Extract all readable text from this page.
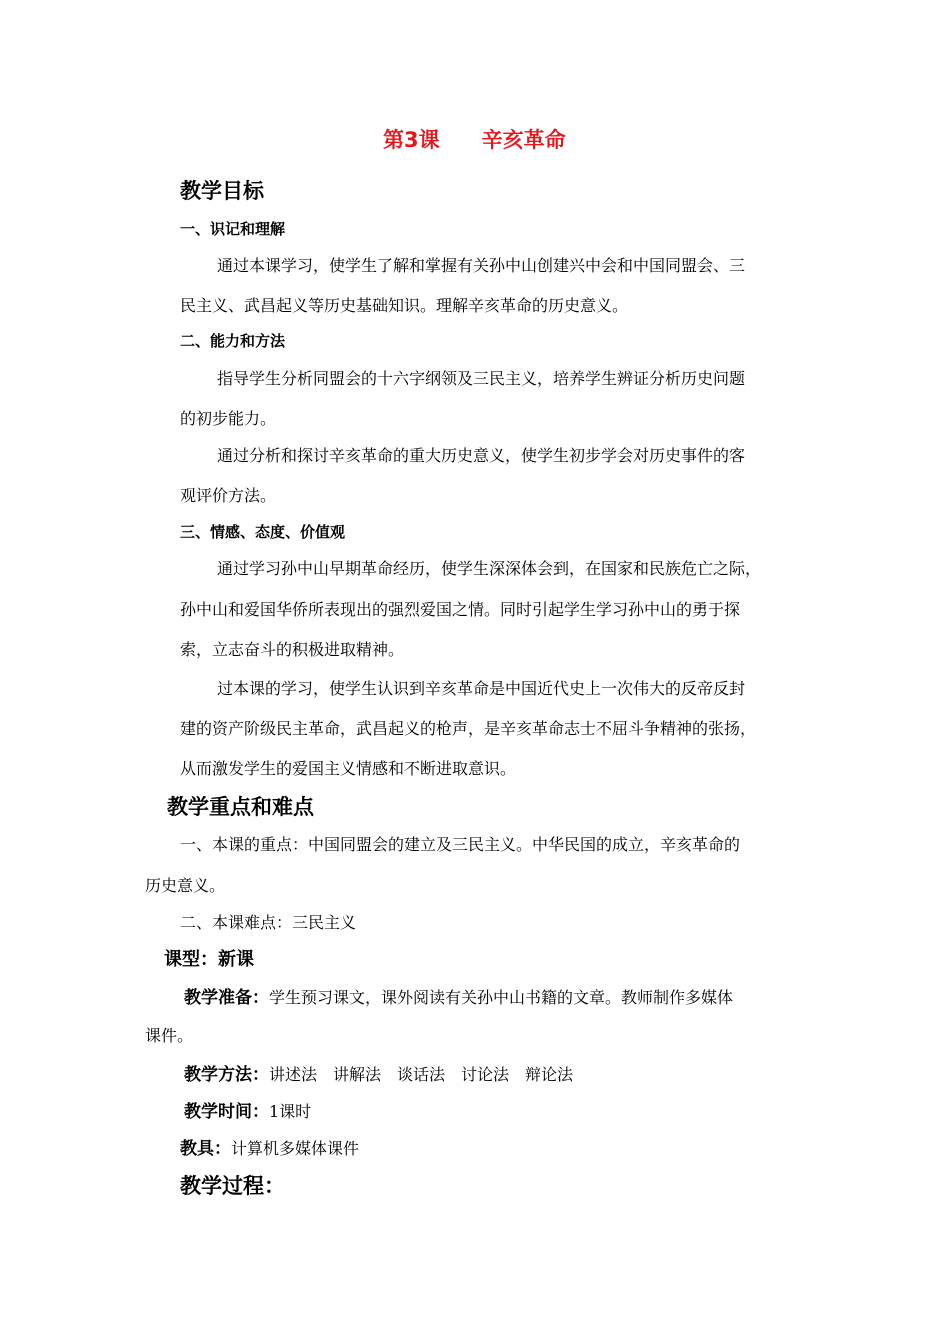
第3课　　辛亥革命
教学目标
一、识记和理解
通过本课学习，使学生了解和掌握有关孙中山创建兴中会和中国同盟会、三
民主义、武昌起义等历史基础知识。理解辛亥革命的历史意义。
二、能力和方法
指导学生分析同盟会的十六字纲领及三民主义，培养学生辨证分析历史问题
的初步能力。
通过分析和探讨辛亥革命的重大历史意义，使学生初步学会对历史事件的客
观评价方法。
三、情感、态度、价值观
通过学习孙中山早期革命经历，使学生深深体会到，在国家和民族危亡之际，
孙中山和爱国华侨所表现出的强烈爱国之情。同时引起学生学习孙中山的勇于探
索，立志奋斗的积极进取精神。
过本课的学习，使学生认识到辛亥革命是中国近代史上一次伟大的反帝反封
建的资产阶级民主革命，武昌起义的枪声，是辛亥革命志士不屈斗争精神的张扬，
从而激发学生的爱国主义情感和不断进取意识。
教学重点和难点
一、本课的重点：中国同盟会的建立及三民主义。中华民国的成立，辛亥革命的
历史意义。
二、本课难点：三民主义
课型：新课
教学准备：学生预习课文，课外阅读有关孙中山书籍的文章。教师制作多媒体
课件。
教学方法：讲述法　讲解法　谈话法　讨论法　辩论法
教学时间：1课时
教具：计算机多媒体课件
教学过程：
